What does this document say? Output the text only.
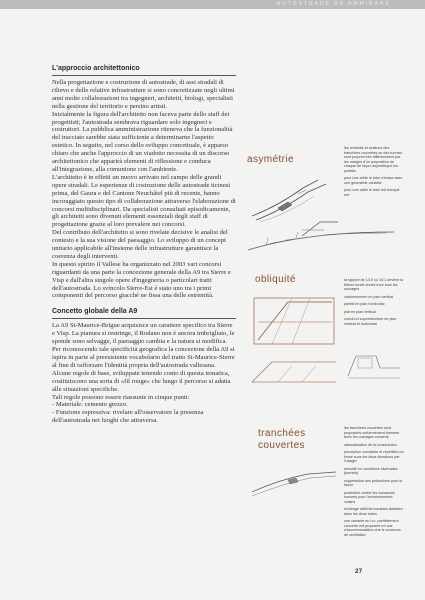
AUTOSTRADE DA AMMIRARE

L'approccio architettonico

Nella progettazione e costruzione di autostrade, di assi stradali di rilievo e delle relative infrastrutture si sono concretizzate negli ultimi anni molte collaborazioni tra ingegneri, architetti, biologi, specialisti nella gestione del territorio e persino artisti.

Inizialmente la figura dell'architetto non faceva parte dello staff dei progettisti; l'autostrada sembrava riguardare solo ingegneri e costruttori. La pubblica amministrazione riteneva che la funzionalità del tracciato sarebbe stata sufficiente a determinarne l'aspetto estetico. In seguito, nel corso dello sviluppo concettuale, è apparso chiaro che anche l'approccio di un viadotto necessita di un discorso architettonico che apparirà elementi di riflessione e conduca all'integrazione, alla comunione con l'ambiente.

L'architetto è in effetti un nuovo arrivato nel campo delle grandi opere stradali. Le esperienze di costruzione delle autostrade ticinesi prima, del Gaura e del Cantone Neuchâtel più di recente, hanno incoraggiato questo tipo di collaborazione attraverso l'elaborazione di concorsi multidisciplinari. Da specialisti consultati episodicamente, gli architetti sono divenuti elementi essenziali degli staff di progettazione grazie al loro prevalere nei concorsi.

Del contributo dell'architetto si sono rivelate decisive le analisi del contesto e la sua visione del paesaggio. Lo sviluppo di un concept unitario applicabile all'insieme delle infrastrutture garantisce la coerenza degli interventi.

In questo spirito il Vallese ha organizzato nel 2003 vari concorsi riguardanti da una parte la concezione generale della A9 tra Sierre e Visp e dall'altra singole opere d'ingegneria o particolari tratti dell'autostrada. Lo svincolo Sierre-Est è stato uno tra i primi componenti del percorso giacché ne fissa una delle estremità.

Concetto globale della A9

La A9 St-Maurice-Brigue acquisisce un carattere specifico tra Sierre e Visp. La pianura si restringe, il Rodano non è ancora imbrigliato, le sponde sono selvagge, il paesaggio cambia e la natura si modifica.

Per riconoscendo tale specificità geografica la concezione della A9 si ispira in parte al preesistente vocabolario del tratto St-Maurice-Sierre al fine di rafforzare l'identità propria dell'autostrada vallesana.

Alcune regole di base, sviluppate tenendo conto di questa tematica, costituiscono una sorta di «fil rouge» che lungo il percorso si adatta alle situazioni specifiche.

Tali regole possono essere riassunte in cinque punti:

- Materiale: cemento grezzo.

- Funzione espressiva: rivelare all'osservatore la presenza dell'autostrada nei luoghi che attraversa.

asymétrie

les remblais et sections des tranchées couvertes ou des tunnels sont propres très différemment par les marges d'un proposition de chaque de façon asymétrique les portails

pour une arête le tube s'évase avec une géométrie variable

pour une caille le tube est tronqué net

obliquité	la rapport de 1/10 ou 10:1 devient la thème fondé chutent sur tous les ouvrages

cantonnement en plan vertical

parfait en plan horizontal

plat en plan vertical

conclu et superstructure en plan vertical et horizontal

tranchées couvertes

les tranchées couvertes sont proposées uniformément formées avec les ouvrages couverts

rationalisation de la construction

perception constante et répétition du fossé sous les deux directions par l'usager

sécurité en conditions hivernales (tunnels)

suppression des protections pour la faune

protection contre les nuisances sonores pour l'environnement voisins

éclairage artificiel constant aléatoire dans les deux tubes

une variante en h.c. partiellement couverte est proposée en vue d'accommodation vers le concours de ventilation

27
